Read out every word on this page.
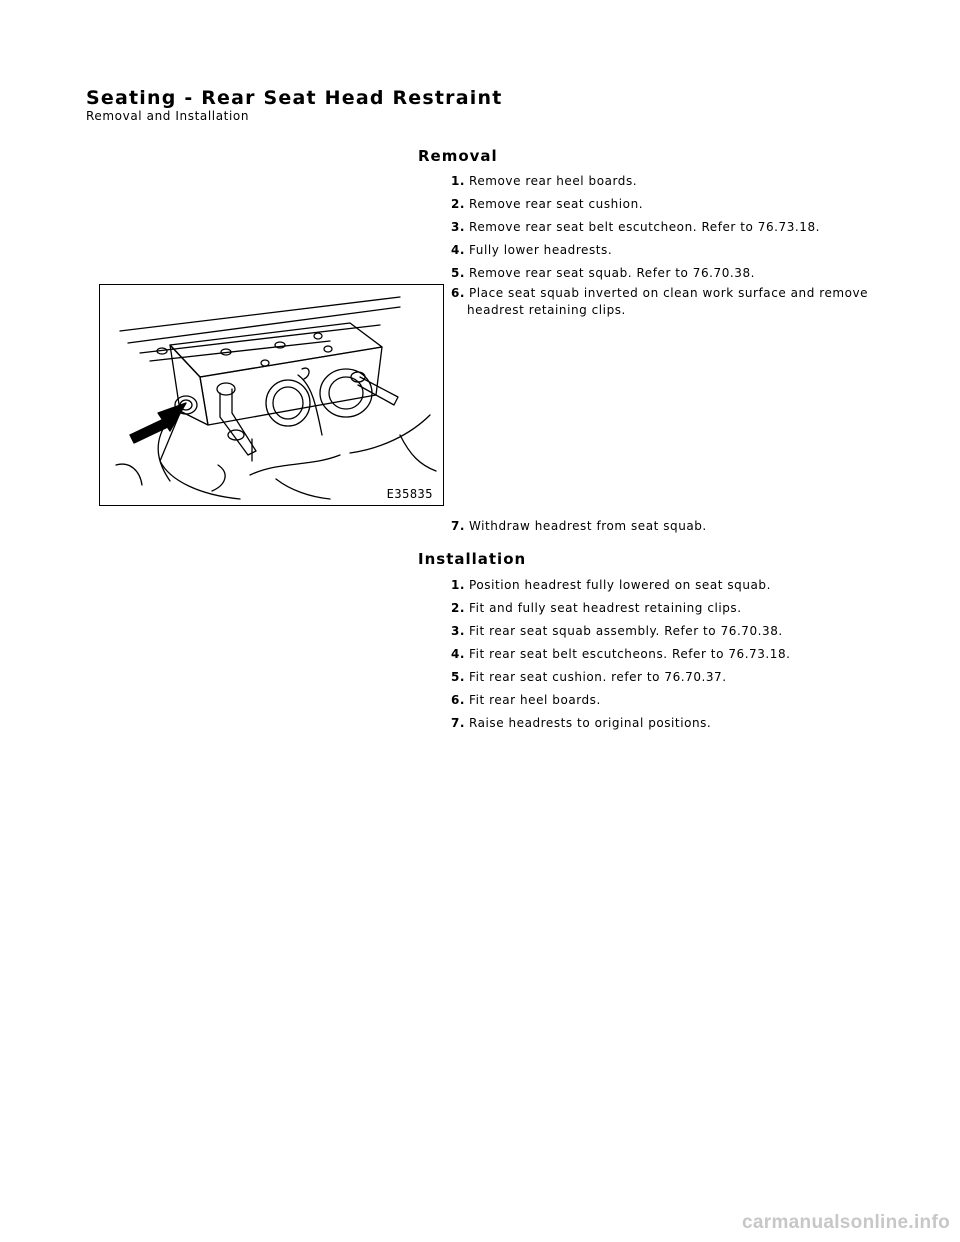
Seating - Rear Seat Head Restraint
Removal and Installation
Removal
1. Remove rear heel boards.
2. Remove rear seat cushion.
3. Remove rear seat belt escutcheon. Refer to 76.73.18.
4. Fully lower headrests.
5. Remove rear seat squab. Refer to 76.70.38.
6. Place seat squab inverted on clean work surface and remove
headrest retaining clips.
E35835
7. Withdraw headrest from seat squab.
Installation
1. Position headrest fully lowered on seat squab.
2. Fit and fully seat headrest retaining clips.
3. Fit rear seat squab assembly. Refer to 76.70.38.
4. Fit rear seat belt escutcheons. Refer to 76.73.18.
5. Fit rear seat cushion. refer to 76.70.37.
6. Fit rear heel boards.
7. Raise headrests to original positions.
carmanualsonline.info
